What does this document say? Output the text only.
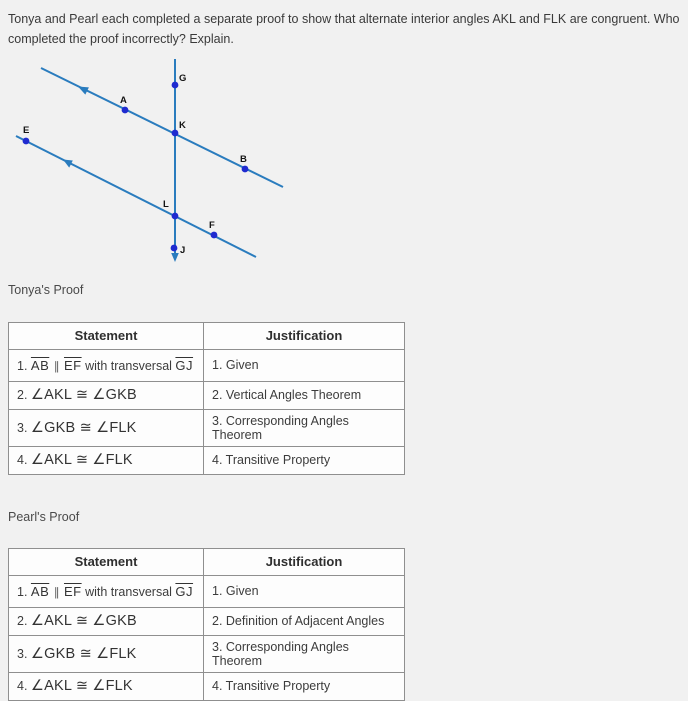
Tonya and Pearl each completed a separate proof to show that alternate interior angles AKL and FLK are congruent. Who completed the proof incorrectly? Explain.

G
K
L
J
A
B
E
F

Tonya's Proof

Statement	Justification
1. $\overline{AB}$ ∥ $\overline{EF}$ with transversal $\overline{GJ}$	1. Given
2. ∠AKL ≅ ∠GKB	2. Vertical Angles Theorem
3. ∠GKB ≅ ∠FLK	3. Corresponding Angles Theorem
4. ∠AKL ≅ ∠FLK	4. Transitive Property

Pearl's Proof

Statement	Justification
1. $\overline{AB}$ ∥ $\overline{EF}$ with transversal $\overline{GJ}$	1. Given
2. ∠AKL ≅ ∠GKB	2. Definition of Adjacent Angles
3. ∠GKB ≅ ∠FLK	3. Corresponding Angles Theorem
4. ∠AKL ≅ ∠FLK	4. Transitive Property
